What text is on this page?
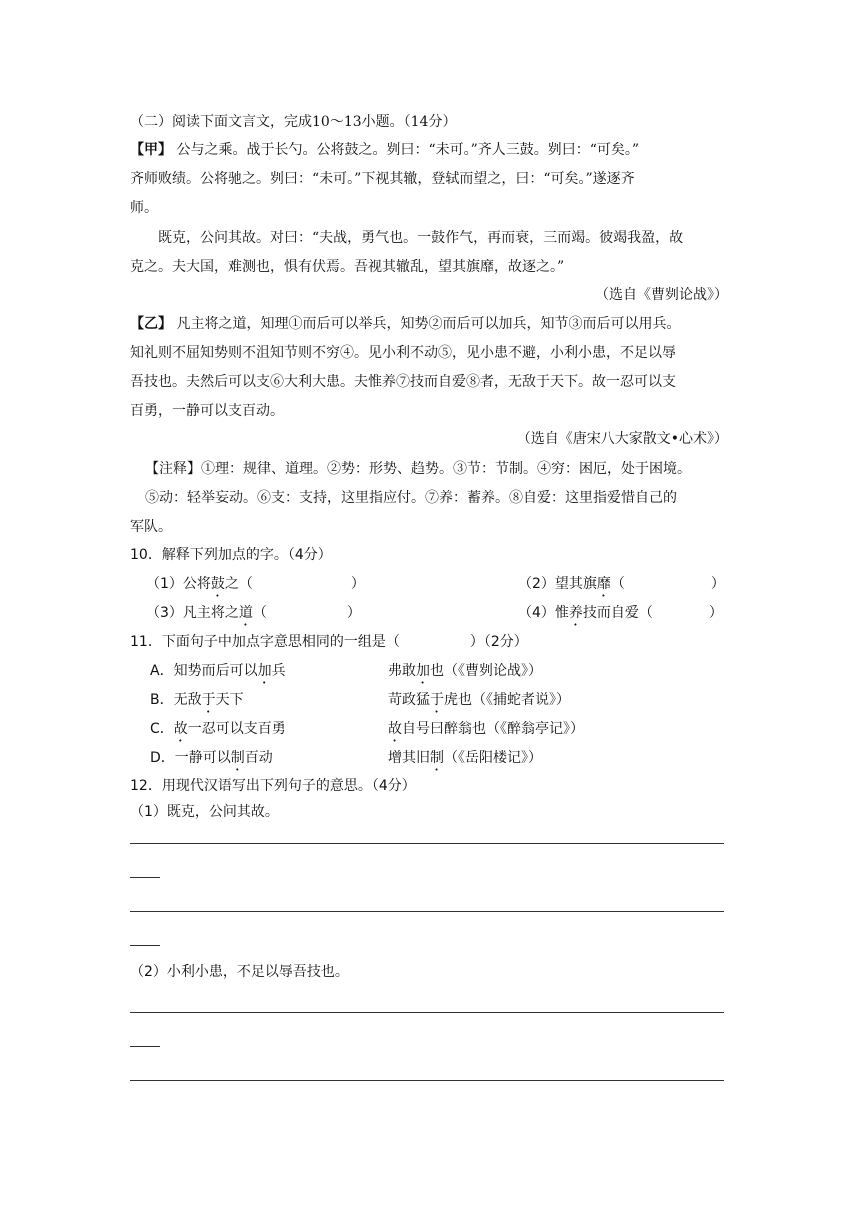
（二）阅读下面文言文，完成10～13小题。（14分）
【甲】 公与之乘。战于长勺。公将鼓之。刿曰：“未可。”齐人三鼓。刿曰：“可矣。”
齐师败绩。公将驰之。刿曰：“未可。”下视其辙，登轼而望之，曰：“可矣。”遂逐齐
师。
既克，公问其故。对曰：“夫战，勇气也。一鼓作气，再而衰，三而竭。彼竭我盈，故
克之。夫大国，难测也，惧有伏焉。吾视其辙乱，望其旗靡，故逐之。”
（选自《曹刿论战》）
【乙】 凡主将之道，知理①而后可以举兵，知势②而后可以加兵，知节③而后可以用兵。
知礼则不屈知势则不沮知节则不穷④。见小利不动⑤，见小患不避，小利小患，不足以辱
吾技也。夫然后可以支⑥大利大患。夫惟养⑦技而自爱⑧者，无敌于天下。故一忍可以支
百勇，一静可以支百动。
（选自《唐宋八大家散文•心术》）
【注释】①理：规律、道理。②势：形势、趋势。③节：节制。④穷：困厄，处于困境。
⑤动：轻举妄动。⑥支：支持，这里指应付。⑦养：蓄养。⑧自爱：这里指爱惜自己的
军队。
10．解释下列加点的字。（4分）
（1）公将鼓之（	）	（2）望其旗靡（	）
（3）凡主将之道（	）	（4）惟养技而自爱（	）
11．下面句子中加点字意思相同的一组是（　　　　　）（2分）
A．知势而后可以加兵	弗敢加也（《曹刿论战》）
B．无敌于天下	苛政猛于虎也（《捕蛇者说》）
C．故一忍可以支百勇	故自号曰醉翁也（《醉翁亭记》）
D．一静可以制百动	增其旧制（《岳阳楼记》）
12．用现代汉语写出下列句子的意思。（4分）
（1）既克，公问其故。
（2）小利小患，不足以辱吾技也。
